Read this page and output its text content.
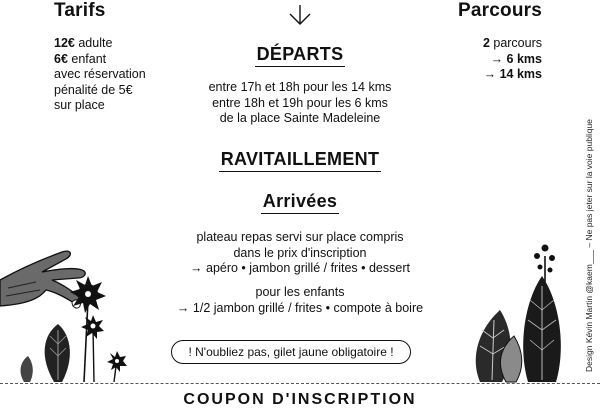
Tarifs
12€ adulte
6€ enfant
avec réservation
pénalité de 5€
sur place
Parcours
2 parcours
→ 6 kms
→ 14 kms
DÉPARTS
entre 17h et 18h pour les 14 kms
entre 18h et 19h pour les 6 kms
de la place Sainte Madeleine
RAVITAILLEMENT
Arrivées
plateau repas servi sur place compris
dans le prix d'inscription
→ apéro • jambon grillé / frites • dessert
pour les enfants
→ 1/2 jambon grillé / frites • compote à boire
! N'oubliez pas, gilet jaune obligatoire !	Design Kévin Martin @kaem___ – Ne pas jeter sur la voie publique
COUPON D'INSCRIPTION
